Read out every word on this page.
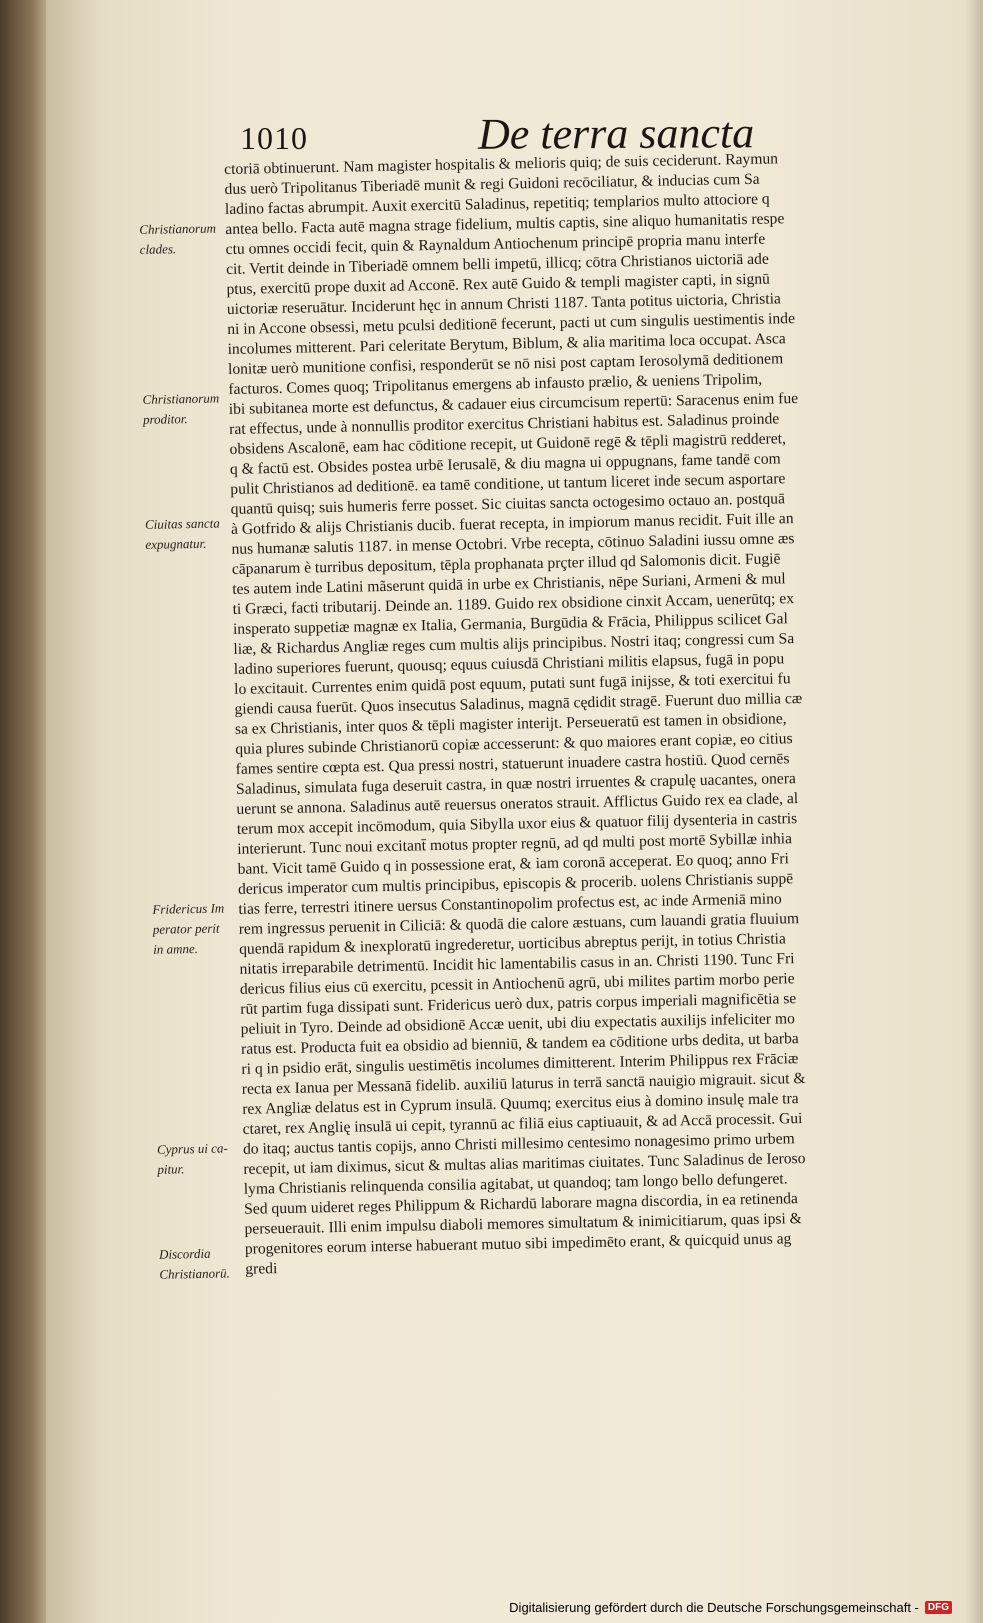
1010	De terra sancta
ctoriā obtinuerunt. Nam magister hospitalis & melioris quiq; de suis ceciderunt. Raymun
dus uerò Tripolitanus Tiberiadē munit & regi Guidoni recōciliatur, & inducias cum Sa
ladino factas abrumpit. Auxit exercitū Saladinus, repetitiq; templarios multo attociore q
antea bello. Facta autē magna strage fidelium, multis captis, sine aliquo humanitatis respe
ctu omnes occidi fecit, quin & Raynaldum Antiochenum principē propria manu interfe
cit. Vertit deinde in Tiberiadē omnem belli impetū, illicq; cōtra Christianos uictoriā ade
ptus, exercitū prope duxit ad Acconē. Rex autē Guido & templi magister capti, in signū
uictoriæ reseruātur. Inciderunt hęc in annum Christi 1187. Tanta potitus uictoria, Christia
ni in Accone obsessi, metu pculsi deditionē fecerunt, pacti ut cum singulis uestimentis inde
incolumes mitterent. Pari celeritate Berytum, Biblum, & alia maritima loca occupat. Asca
lonitæ uerò munitione confisi, responderūt se nō nisi post captam Ierosolymā deditionem
facturos. Comes quoq; Tripolitanus emergens ab infausto prælio, & ueniens Tripolim,
ibi subitanea morte est defunctus, & cadauer eius circumcisum repertū: Saracenus enim fue
rat effectus, unde à nonnullis proditor exercitus Christiani habitus est. Saladinus proinde
obsidens Ascalonē, eam hac cōditione recepit, ut Guidonē regē & tēpli magistrū redderet,
q & factū est. Obsides postea urbē Ierusalē, & diu magna ui oppugnans, fame tandē com
pulit Christianos ad deditionē. ea tamē conditione, ut tantum liceret inde secum asportare
quantū quisq; suis humeris ferre posset. Sic ciuitas sancta octogesimo octauo an. postquā
à Gotfrido & alijs Christianis ducib. fuerat recepta, in impiorum manus recidit. Fuit ille an
nus humanæ salutis 1187. in mense Octobri. Vrbe recepta, cōtinuo Saladini iussu omne æs
cāpanarum è turribus depositum, tēpla prophanata prçter illud qd Salomonis dicit. Fugiē
tes autem inde Latini mãserunt quidā in urbe ex Christianis, nēpe Suriani, Armeni & mul
ti Græci, facti tributarij. Deinde an. 1189. Guido rex obsidione cinxit Accam, uenerūtq; ex
insperato suppetiæ magnæ ex Italia, Germania, Burgūdia & Frācia, Philippus scilicet Gal
liæ, & Richardus Angliæ reges cum multis alijs principibus. Nostri itaq; congressi cum Sa
ladino superiores fuerunt, quousq; equus cuiusdā Christiani militis elapsus, fugā in popu
lo excitauit. Currentes enim quidā post equum, putati sunt fugā inijsse, & toti exercitui fu
giendi causa fuerūt. Quos insecutus Saladinus, magnā cędidit stragē. Fuerunt duo millia cæ
sa ex Christianis, inter quos & tēpli magister interijt. Perseueratū est tamen in obsidione,
quia plures subinde Christianorū copiæ accesserunt: & quo maiores erant copiæ, eo citius
fames sentire cœpta est. Qua pressi nostri, statuerunt inuadere castra hostiū. Quod cernēs
Saladinus, simulata fuga deseruit castra, in quæ nostri irruentes & crapulę uacantes, onera
uerunt se annona. Saladinus autē reuersus oneratos strauit. Afflictus Guido rex ea clade, al
terum mox accepit incōmodum, quia Sibylla uxor eius & quatuor filij dysenteria in castris
interierunt. Tunc noui excitant̄ motus propter regnū, ad qd multi post mortē Sybillæ inhia
bant. Vicit tamē Guido q in possessione erat, & iam coronā acceperat. Eo quoq; anno Fri
dericus imperator cum multis principibus, episcopis & procerib. uolens Christianis suppē
tias ferre, terrestri itinere uersus Constantinopolim profectus est, ac inde Armeniā mino
rem ingressus peruenit in Ciliciā: & quodā die calore æstuans, cum lauandi gratia fluuium
quendā rapidum & inexploratū ingrederetur, uorticibus abreptus perijt, in totius Christia
nitatis irreparabile detrimentū. Incidit hic lamentabilis casus in an. Christi 1190. Tunc Fri
dericus filius eius cū exercitu, pcessit in Antiochenū agrū, ubi milites partim morbo perie
rūt partim fuga dissipati sunt. Fridericus uerò dux, patris corpus imperiali magnificētia se
peliuit in Tyro. Deinde ad obsidionē Accæ uenit, ubi diu expectatis auxilijs infeliciter mo
ratus est. Producta fuit ea obsidio ad bienniū, & tandem ea cōditione urbs dedita, ut barba
ri q in psidio erāt, singulis uestimētis incolumes dimitterent. Interim Philippus rex Frāciæ
recta ex Ianua per Messanā fidelib. auxiliū laturus in terrā sanctā nauigio migrauit. sicut &
rex Angliæ delatus est in Cyprum insulā. Quumq; exercitus eius à domino insulę male tra
ctaret, rex Anglię insulā ui cepit, tyrannū ac filiā eius captiuauit, & ad Accā processit. Gui
do itaq; auctus tantis copijs, anno Christi millesimo centesimo nonagesimo primo urbem
recepit, ut iam diximus, sicut & multas alias maritimas ciuitates. Tunc Saladinus de Ieroso
lyma Christianis relinquenda consilia agitabat, ut quandoq; tam longo bello defungeret.
Sed quum uideret reges Philippum & Richardū laborare magna discordia, in ea retinenda
perseuerauit. Illi enim impulsu diaboli memores simultatum & inimicitiarum, quas ipsi &
progenitores eorum interse habuerant mutuo sibi impedimēto erant, & quicquid unus ag
gredi
Christianorum
clades.
Christianorum
proditor.
Ciuitas sancta
expugnatur.
Fridericus Im
perator perit
in amne.
Cyprus ui ca-
pitur.
Discordia
Christianorū.
Digitalisierung gefördert durch die Deutsche Forschungsgemeinschaft - DFG
